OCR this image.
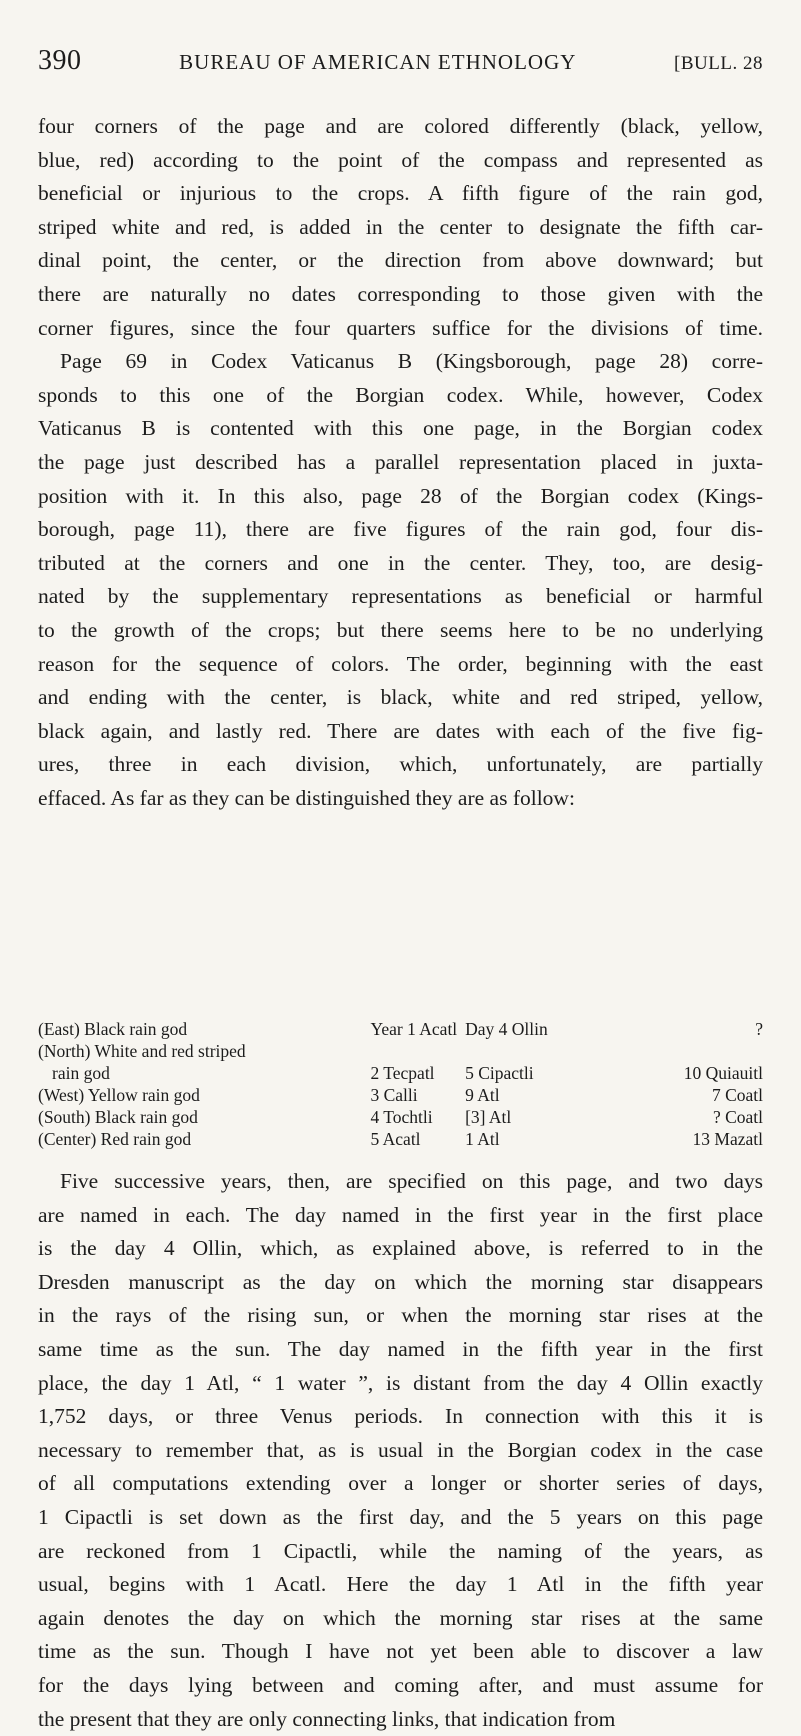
390	BUREAU OF AMERICAN ETHNOLOGY	[BULL. 28
four corners of the page and are colored differently (black, yellow,
blue, red) according to the point of the compass and represented as
beneficial or injurious to the crops. A fifth figure of the rain god,
striped white and red, is added in the center to designate the fifth car-
dinal point, the center, or the direction from above downward; but
there are naturally no dates corresponding to those given with the
corner figures, since the four quarters suffice for the divisions of time.
Page 69 in Codex Vaticanus B (Kingsborough, page 28) corre-
sponds to this one of the Borgian codex. While, however, Codex
Vaticanus B is contented with this one page, in the Borgian codex
the page just described has a parallel representation placed in juxta-
position with it. In this also, page 28 of the Borgian codex (Kings-
borough, page 11), there are five figures of the rain god, four dis-
tributed at the corners and one in the center. They, too, are desig-
nated by the supplementary representations as beneficial or harmful
to the growth of the crops; but there seems here to be no underlying
reason for the sequence of colors. The order, beginning with the east
and ending with the center, is black, white and red striped, yellow,
black again, and lastly red. There are dates with each of the five fig-
ures, three in each division, which, unfortunately, are partially
effaced. As far as they can be distinguished they are as follow:
(East) Black rain god	Year 1 Acatl	Day 4 Ollin	?
(North) White and red striped			
rain god	2 Tecpatl	5 Cipactli	10 Quiauitl
(West) Yellow rain god	3 Calli	9 Atl	7 Coatl
(South) Black rain god	4 Tochtli	[3] Atl	? Coatl
(Center) Red rain god	5 Acatl	1 Atl	13 Mazatl
Five successive years, then, are specified on this page, and two days
are named in each. The day named in the first year in the first place
is the day 4 Ollin, which, as explained above, is referred to in the
Dresden manuscript as the day on which the morning star disappears
in the rays of the rising sun, or when the morning star rises at the
same time as the sun. The day named in the fifth year in the first
place, the day 1 Atl, “ 1 water ”, is distant from the day 4 Ollin exactly
1,752 days, or three Venus periods. In connection with this it is
necessary to remember that, as is usual in the Borgian codex in the case
of all computations extending over a longer or shorter series of days,
1 Cipactli is set down as the first day, and the 5 years on this page
are reckoned from 1 Cipactli, while the naming of the years, as
usual, begins with 1 Acatl. Here the day 1 Atl in the fifth year
again denotes the day on which the morning star rises at the same
time as the sun. Though I have not yet been able to discover a law
for the days lying between and coming after, and must assume for
the present that they are only connecting links, that indication from
